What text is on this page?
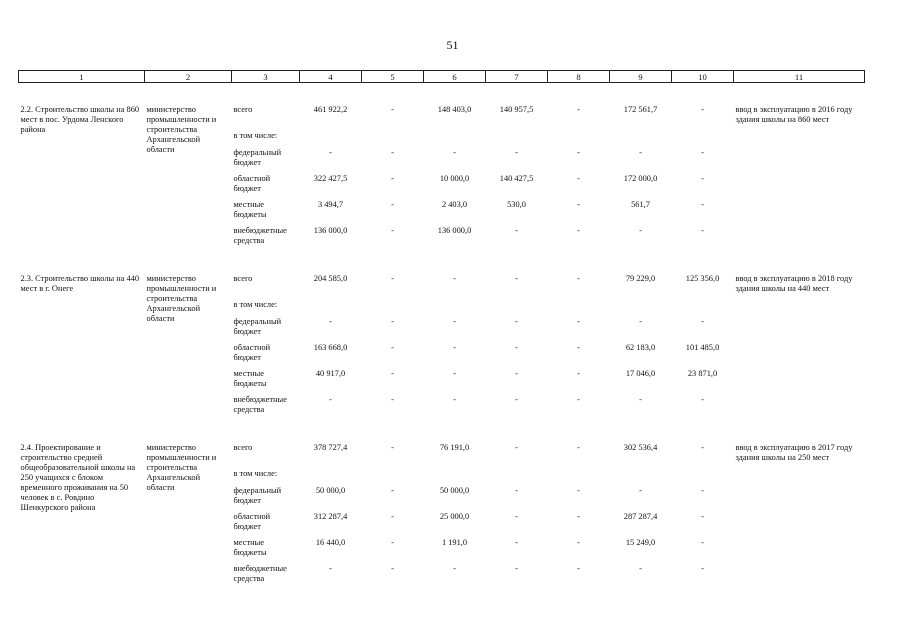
51
1	2	3	4	5	6	7	8	9	10	11
2.2. Строительство школы на 860 мест в пос. Урдома Ленского района	министерство промышленности и строительства Архангельской области	всего	461 922,2	-	148 403,0	140 957,5	-	172 561,7	-	ввод в эксплуатацию в 2016 году здания школы на 860 мест
		в том числе:								
		федеральный бюджет	-	-	-	-	-	-	-	
		областной бюджет	322 427,5	-	10 000,0	140 427,5	-	172 000,0	-	
		местные бюджеты	3 494,7	-	2 403,0	530,0	-	561,7	-	
		внебюджетные средства	136 000,0	-	136 000,0	-	-	-	-	
2.3. Строительство школы на 440 мест в г. Онеге	министерство промышленности и строительства Архангельской области	всего	204 585,0	-	-	-	-	79 229,0	125 356,0	ввод в эксплуатацию в 2018 году здания школы на 440 мест
		в том числе:								
		федеральный бюджет	-	-	-	-	-	-	-	
		областной бюджет	163 668,0	-	-	-	-	62 183,0	101 485,0	
		местные бюджеты	40 917,0	-	-	-	-	17 046,0	23 871,0	
		внебюджетные средства	-	-	-	-	-	-	-	
2.4. Проектирование и строительство средней общеобразовательной школы на 250 учащихся с блоком временного проживания на 50 человек в с. Ровдино Шенкурского района	министерство промышленности и строительства Архангельской области	всего	378 727,4	-	76 191,0	-	-	302 536,4	-	ввод в эксплуатацию в 2017 году здания школы на 250 мест
		в том числе:								
		федеральный бюджет	50 000,0	-	50 000,0	-	-	-	-	
		областной бюджет	312 287,4	-	25 000,0	-	-	287 287,4	-	
		местные бюджеты	16 440,0	-	1 191,0	-	-	15 249,0	-	
		внебюджетные средства	-	-	-	-	-	-	-	
